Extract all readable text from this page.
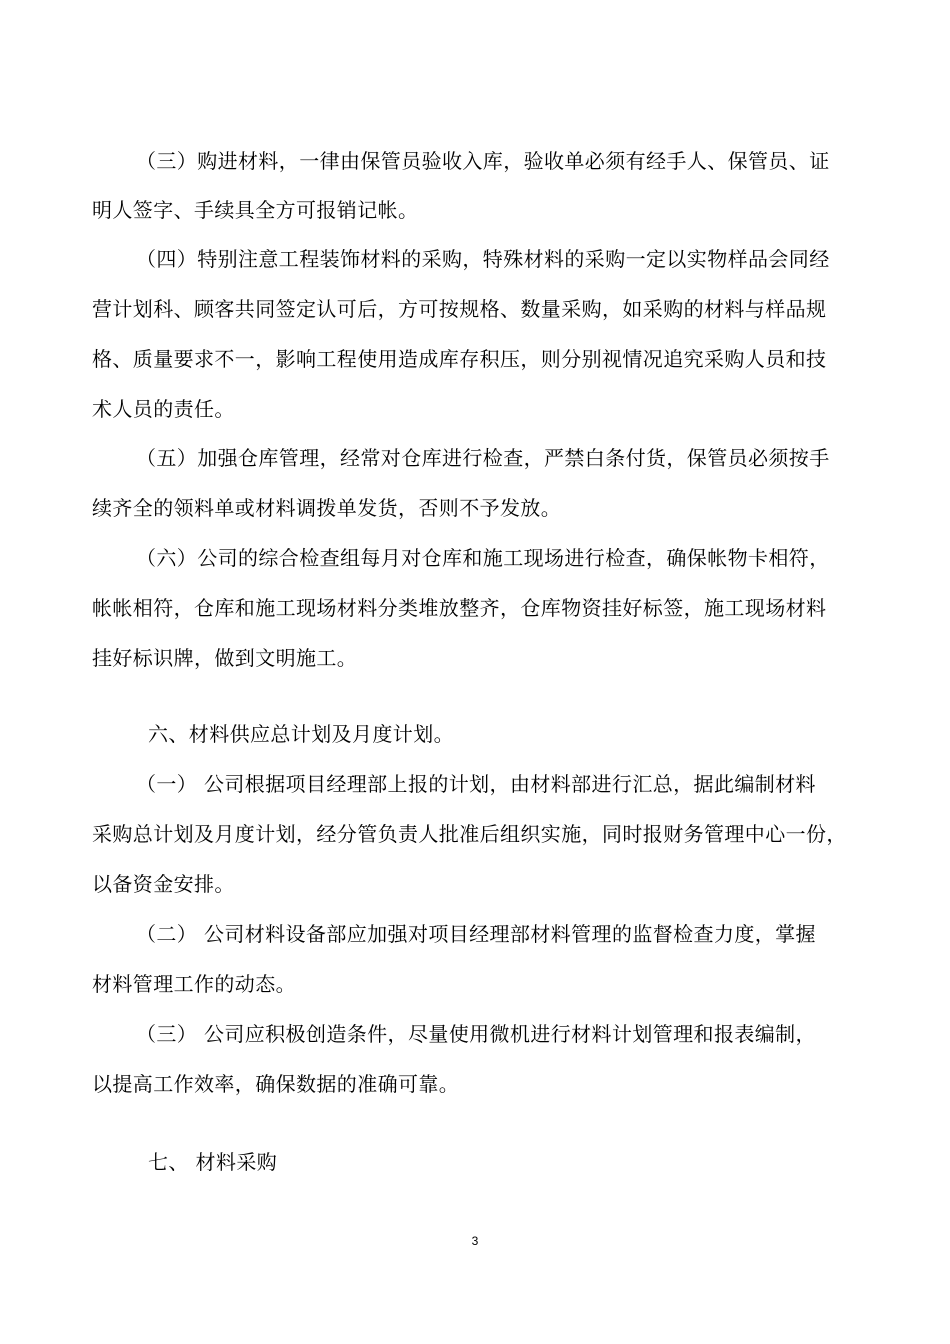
（三）购进材料，一律由保管员验收入库，验收单必须有经手人、保管员、证
明人签字、手续具全方可报销记帐。
（四）特别注意工程装饰材料的采购，特殊材料的采购一定以实物样品会同经
营计划科、顾客共同签定认可后，方可按规格、数量采购，如采购的材料与样品规
格、质量要求不一，影响工程使用造成库存积压，则分别视情况追究采购人员和技
术人员的责任。
（五）加强仓库管理，经常对仓库进行检查，严禁白条付货，保管员必须按手
续齐全的领料单或材料调拨单发货，否则不予发放。
（六）公司的综合检查组每月对仓库和施工现场进行检查，确保帐物卡相符，
帐帐相符，仓库和施工现场材料分类堆放整齐，仓库物资挂好标签，施工现场材料
挂好标识牌，做到文明施工。
六、材料供应总计划及月度计划。
（一） 公司根据项目经理部上报的计划，由材料部进行汇总，据此编制材料
采购总计划及月度计划，经分管负责人批准后组织实施，同时报财务管理中心一份，
以备资金安排。
（二） 公司材料设备部应加强对项目经理部材料管理的监督检查力度，掌握
材料管理工作的动态。
（三） 公司应积极创造条件，尽量使用微机进行材料计划管理和报表编制，
以提高工作效率，确保数据的准确可靠。
七、 材料采购
3
